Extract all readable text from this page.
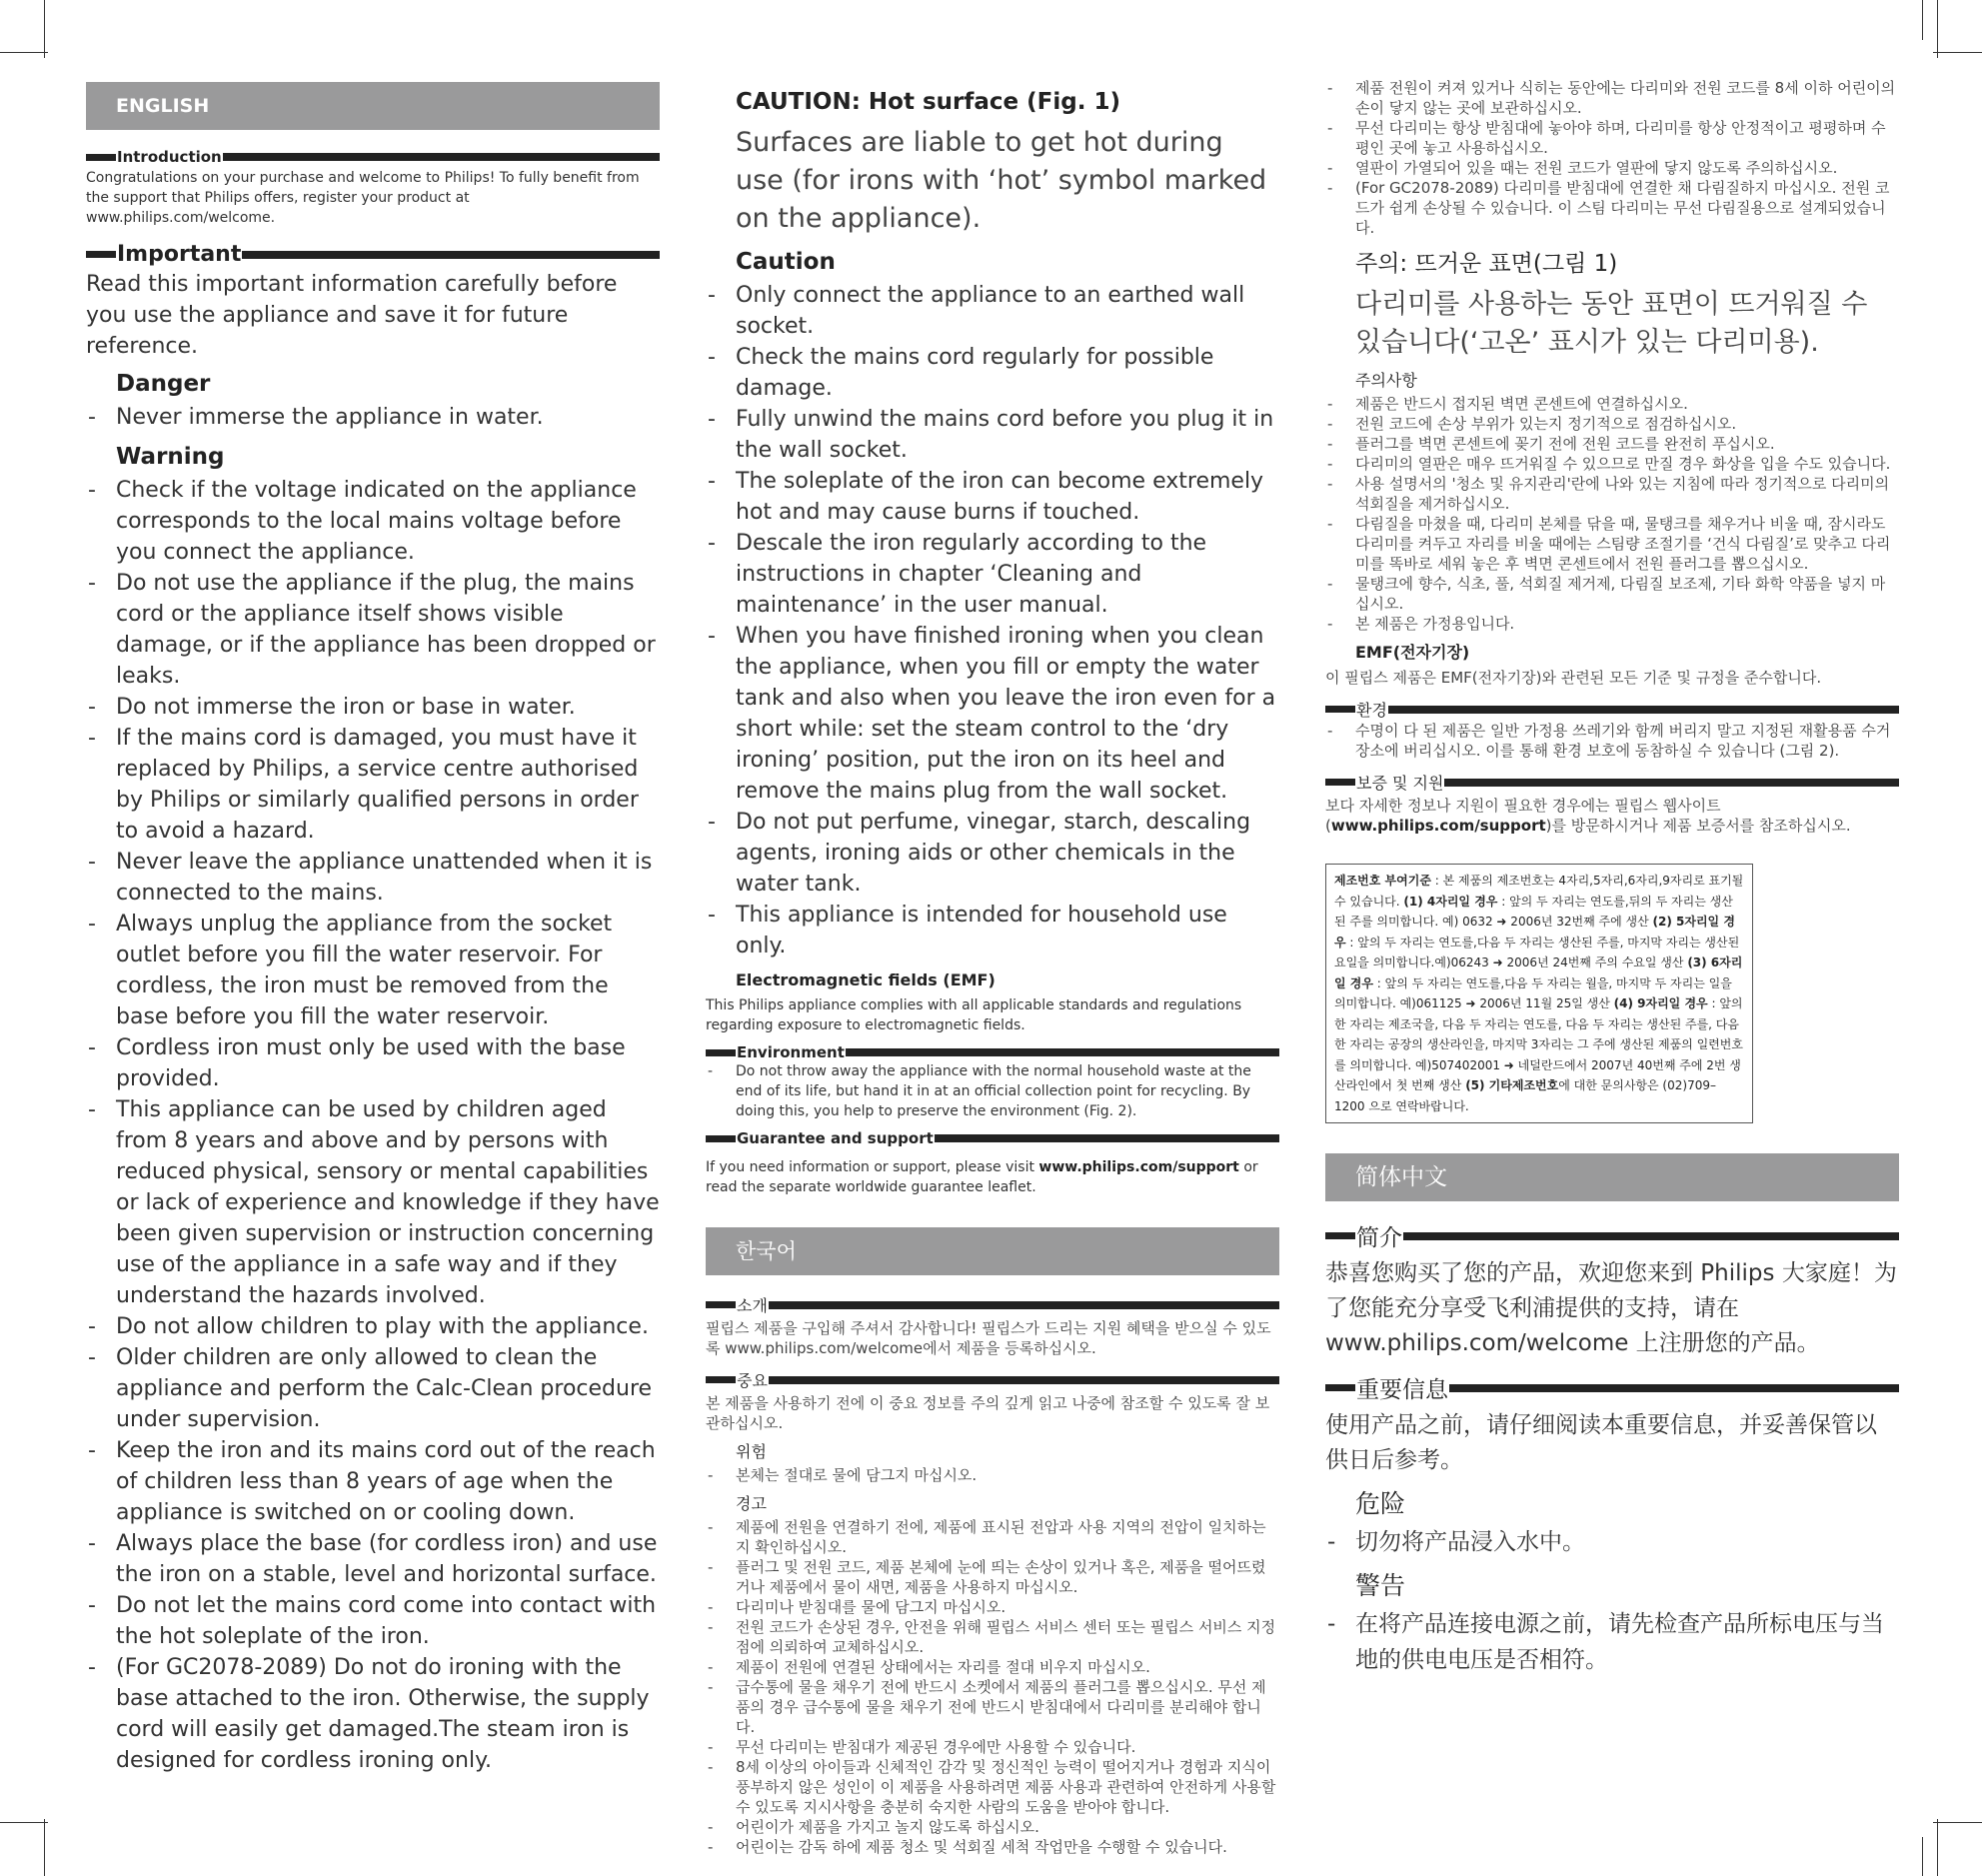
ENGLISH
Introduction

Congratulations on your purchase and welcome to Philips! To fully benefit from the support that Philips offers, register your product at www.philips.com/welcome.

Important

Read this important information carefully before you use the appliance and save it for future reference.

Danger
- Never immerse the appliance in water.
Warning
- Check if the voltage indicated on the appliance corresponds to the local mains voltage before you connect the appliance.
- Do not use the appliance if the plug, the mains cord or the appliance itself shows visible damage, or if the appliance has been dropped or leaks.
- Do not immerse the iron or base in water.
- If the mains cord is damaged, you must have it replaced by Philips, a service centre authorised by Philips or similarly qualified persons in order to avoid a hazard.
- Never leave the appliance unattended when it is connected to the mains.
- Always unplug the appliance from the socket outlet before you fill the water reservoir. For cordless, the iron must be removed from the base before you fill the water reservoir.
- Cordless iron must only be used with the base provided.
- This appliance can be used by children aged from 8 years and above and by persons with reduced physical, sensory or mental capabilities or lack of experience and knowledge if they have been given supervision or instruction concerning use of the appliance in a safe way and if they understand the hazards involved.
- Do not allow children to play with the appliance.
- Older children are only allowed to clean the appliance and perform the Calc-Clean procedure under supervision.
- Keep the iron and its mains cord out of the reach of children less than 8 years of age when the appliance is switched on or cooling down.
- Always place the base (for cordless iron) and use the iron on a stable, level and horizontal surface.
- Do not let the mains cord come into contact with the hot soleplate of the iron.
- (For GC2078-2089) Do not do ironing with the base attached to the iron. Otherwise, the supply cord will easily get damaged.The steam iron is designed for cordless ironing only.
CAUTION: Hot surface (Fig. 1)

Surfaces are liable to get hot during use (for irons with ‘hot’ symbol marked on the appliance).

Caution
- Only connect the appliance to an earthed wall socket.
- Check the mains cord regularly for possible damage.
- Fully unwind the mains cord before you plug it in the wall socket.
- The soleplate of the iron can become extremely hot and may cause burns if touched.
- Descale the iron regularly according to the instructions in chapter ‘Cleaning and maintenance’ in the user manual.
- When you have finished ironing when you clean the appliance, when you fill or empty the water tank and also when you leave the iron even for a short while: set the steam control to the ‘dry ironing’ position, put the iron on its heel and remove the mains plug from the wall socket.
- Do not put perfume, vinegar, starch, descaling agents, ironing aids or other chemicals in the water tank.
- This appliance is intended for household use only.
Electromagnetic fields (EMF)

This Philips appliance complies with all applicable standards and regulations regarding exposure to electromagnetic fields.

Environment
- Do not throw away the appliance with the normal household waste at the end of its life, but hand it in at an official collection point for recycling. By doing this, you help to preserve the environment (Fig. 2).
Guarantee and support

If you need information or support, please visit www.philips.com/support or read the separate worldwide guarantee leaflet.

한국어
소개

필립스 제품을 구입해 주셔서 감사합니다! 필립스가 드리는 지원 혜택을 받으실 수 있도록 www.philips.com/welcome에서 제품을 등록하십시오.

중요

본 제품을 사용하기 전에 이 중요 정보를 주의 깊게 읽고 나중에 참조할 수 있도록 잘 보관하십시오.

위험
- 본체는 절대로 물에 담그지 마십시오.
경고
- 제품에 전원을 연결하기 전에, 제품에 표시된 전압과 사용 지역의 전압이 일치하는지 확인하십시오.
- 플러그 및 전원 코드, 제품 본체에 눈에 띄는 손상이 있거나 혹은, 제품을 떨어뜨렸거나 제품에서 물이 새면, 제품을 사용하지 마십시오.
- 다리미나 받침대를 물에 담그지 마십시오.
- 전원 코드가 손상된 경우, 안전을 위해 필립스 서비스 센터 또는 필립스 서비스 지정점에 의뢰하여 교체하십시오.
- 제품이 전원에 연결된 상태에서는 자리를 절대 비우지 마십시오.
- 급수통에 물을 채우기 전에 반드시 소켓에서 제품의 플러그를 뽑으십시오. 무선 제품의 경우 급수통에 물을 채우기 전에 반드시 받침대에서 다리미를 분리해야 합니다.
- 무선 다리미는 받침대가 제공된 경우에만 사용할 수 있습니다.
- 8세 이상의 아이들과 신체적인 감각 및 정신적인 능력이 떨어지거나 경험과 지식이 풍부하지 않은 성인이 이 제품을 사용하려면 제품 사용과 관련하여 안전하게 사용할 수 있도록 지시사항을 충분히 숙지한 사람의 도움을 받아야 합니다.
- 어린이가 제품을 가지고 놀지 않도록 하십시오.
- 어린이는 감독 하에 제품 청소 및 석회질 세척 작업만을 수행할 수 있습니다.
- 제품 전원이 켜져 있거나 식히는 동안에는 다리미와 전원 코드를 8세 이하 어린이의 손이 닿지 않는 곳에 보관하십시오.
- 무선 다리미는 항상 받침대에 놓아야 하며, 다리미를 항상 안정적이고 평평하며 수평인 곳에 놓고 사용하십시오.
- 열판이 가열되어 있을 때는 전원 코드가 열판에 닿지 않도록 주의하십시오.
- (For GC2078-2089) 다리미를 받침대에 연결한 채 다림질하지 마십시오. 전원 코드가 쉽게 손상될 수 있습니다. 이 스팀 다리미는 무선 다림질용으로 설계되었습니다.
주의: 뜨거운 표면(그림 1)

다리미를 사용하는 동안 표면이 뜨거워질 수 있습니다(‘고온’ 표시가 있는 다리미용).

주의사항
- 제품은 반드시 접지된 벽면 콘센트에 연결하십시오.
- 전원 코드에 손상 부위가 있는지 정기적으로 점검하십시오.
- 플러그를 벽면 콘센트에 꽂기 전에 전원 코드를 완전히 푸십시오.
- 다리미의 열판은 매우 뜨거워질 수 있으므로 만질 경우 화상을 입을 수도 있습니다.
- 사용 설명서의 '청소 및 유지관리'란에 나와 있는 지침에 따라 정기적으로 다리미의 석회질을 제거하십시오.
- 다림질을 마쳤을 때, 다리미 본체를 닦을 때, 물탱크를 채우거나 비울 때, 잠시라도 다리미를 켜두고 자리를 비울 때에는 스팀량 조절기를 ‘건식 다림질’로 맞추고 다리미를 똑바로 세워 놓은 후 벽면 콘센트에서 전원 플러그를 뽑으십시오.
- 물탱크에 향수, 식초, 풀, 석회질 제거제, 다림질 보조제, 기타 화학 약품을 넣지 마십시오.
- 본 제품은 가정용입니다.
EMF(전자기장)

이 필립스 제품은 EMF(전자기장)와 관련된 모든 기준 및 규정을 준수합니다.

환경
- 수명이 다 된 제품은 일반 가정용 쓰레기와 함께 버리지 말고 지정된 재활용품 수거 장소에 버리십시오. 이를 통해 환경 보호에 동참하실 수 있습니다 (그림 2).
보증 및 지원

보다 자세한 정보나 지원이 필요한 경우에는 필립스 웹사이트 (www.philips.com/support)를 방문하시거나 제품 보증서를 참조하십시오.

제조번호 부여기준 : 본 제품의 제조번호는 4자리,5자리,6자리,9자리로 표기될 수 있습니다. (1) 4자리일 경우 : 앞의 두 자리는 연도를,뒤의 두 자리는 생산된 주를 의미합니다. 예) 0632 ➜ 2006년 32번째 주에 생산 (2) 5자리일 경우 : 앞의 두 자리는 연도를,다음 두 자리는 생산된 주를, 마지막 자리는 생산된 요일을 의미합니다.예)06243 ➜ 2006년 24번째 주의 수요일 생산 (3) 6자리일 경우 : 앞의 두 자리는 연도를,다음 두 자리는 월을, 마지막 두 자리는 일을 의미합니다. 예)061125 ➜ 2006년 11월 25일 생산 (4) 9자리일 경우 : 앞의 한 자리는 제조국을, 다음 두 자리는 연도를, 다음 두 자리는 생산된 주를, 다음 한 자리는 공장의 생산라인을, 마지막 3자리는 그 주에 생산된 제품의 일련번호를 의미합니다. 예)507402001 ➜ 네덜란드에서 2007년 40번째 주에 2번 생산라인에서 첫 번째 생산 (5) 기타제조번호에 대한 문의사항은 (02)709–1200 으로 연락바랍니다.
简体中文
简介

恭喜您购买了您的产品，欢迎您来到 Philips 大家庭！为了您能充分享受飞利浦提供的支持，请在 www.philips.com/welcome 上注册您的产品。

重要信息

使用产品之前，请仔细阅读本重要信息，并妥善保管以供日后参考。

危险
- 切勿将产品浸入水中。
警告
- 在将产品连接电源之前，请先检查产品所标电压与当地的供电电压是否相符。
